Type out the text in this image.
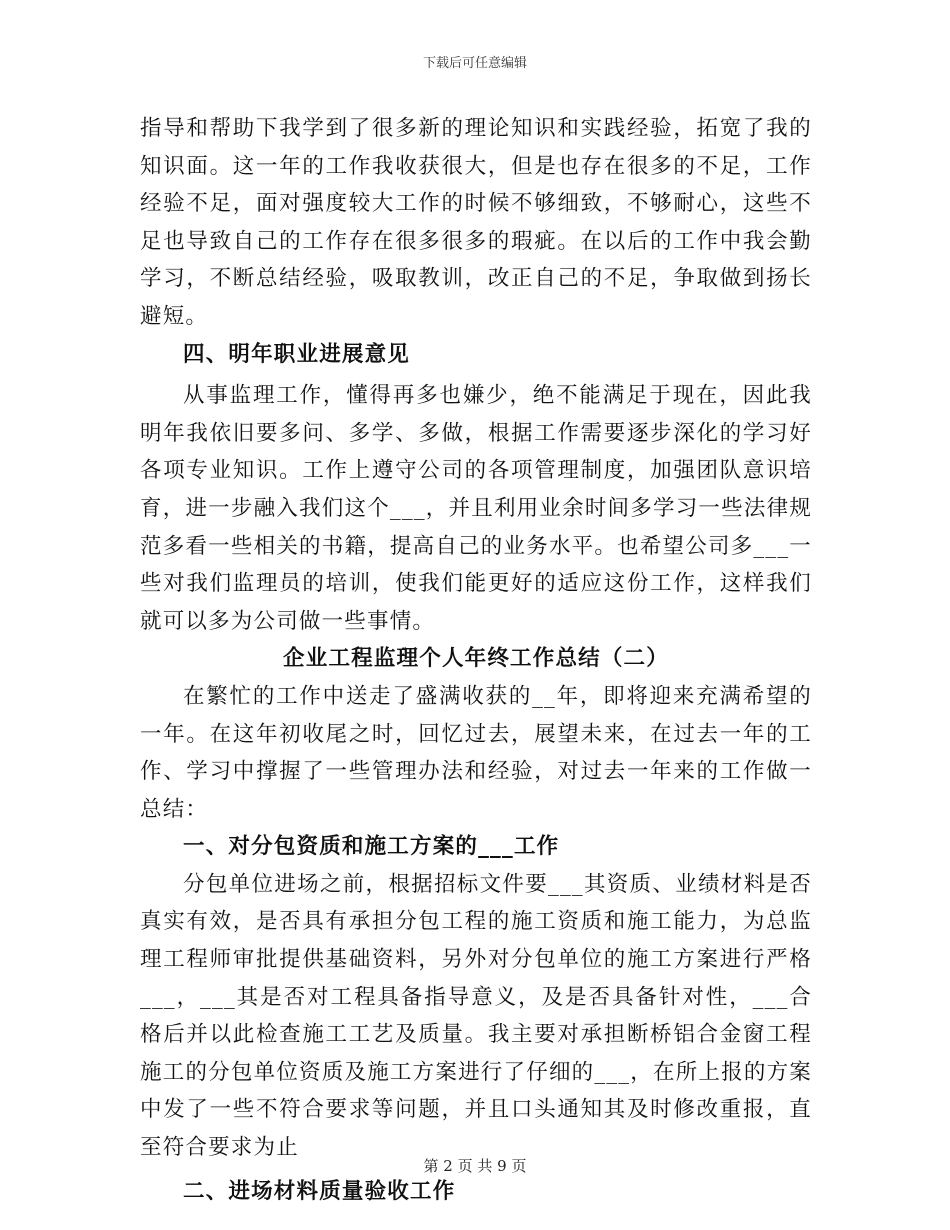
下载后可任意编辑

指导和帮助下我学到了很多新的理论知识和实践经验，拓宽了我的知识面。这一年的工作我收获很大，但是也存在很多的不足，工作经验不足，面对强度较大工作的时候不够细致，不够耐心，这些不足也导致自己的工作存在很多很多的瑕疵。在以后的工作中我会勤学习，不断总结经验，吸取教训，改正自己的不足，争取做到扬长避短。

四、明年职业进展意见

从事监理工作，懂得再多也嫌少，绝不能满足于现在，因此我明年我依旧要多问、多学、多做，根据工作需要逐步深化的学习好各项专业知识。工作上遵守公司的各项管理制度，加强团队意识培育，进一步融入我们这个___，并且利用业余时间多学习一些法律规范多看一些相关的书籍，提高自己的业务水平。也希望公司多___一些对我们监理员的培训，使我们能更好的适应这份工作，这样我们就可以多为公司做一些事情。

企业工程监理个人年终工作总结（二）

在繁忙的工作中送走了盛满收获的__年，即将迎来充满希望的一年。在这年初收尾之时，回忆过去，展望未来，在过去一年的工作、学习中撑握了一些管理办法和经验，对过去一年来的工作做一总结：

一、对分包资质和施工方案的___工作

分包单位进场之前，根据招标文件要___其资质、业绩材料是否真实有效，是否具有承担分包工程的施工资质和施工能力，为总监理工程师审批提供基础资料，另外对分包单位的施工方案进行严格___，___其是否对工程具备指导意义，及是否具备针对性，___合格后并以此检查施工工艺及质量。我主要对承担断桥铝合金窗工程施工的分包单位资质及施工方案进行了仔细的___，在所上报的方案中发了一些不符合要求等问题，并且口头通知其及时修改重报，直至符合要求为止

二、进场材料质量验收工作

第 2 页 共 9 页
